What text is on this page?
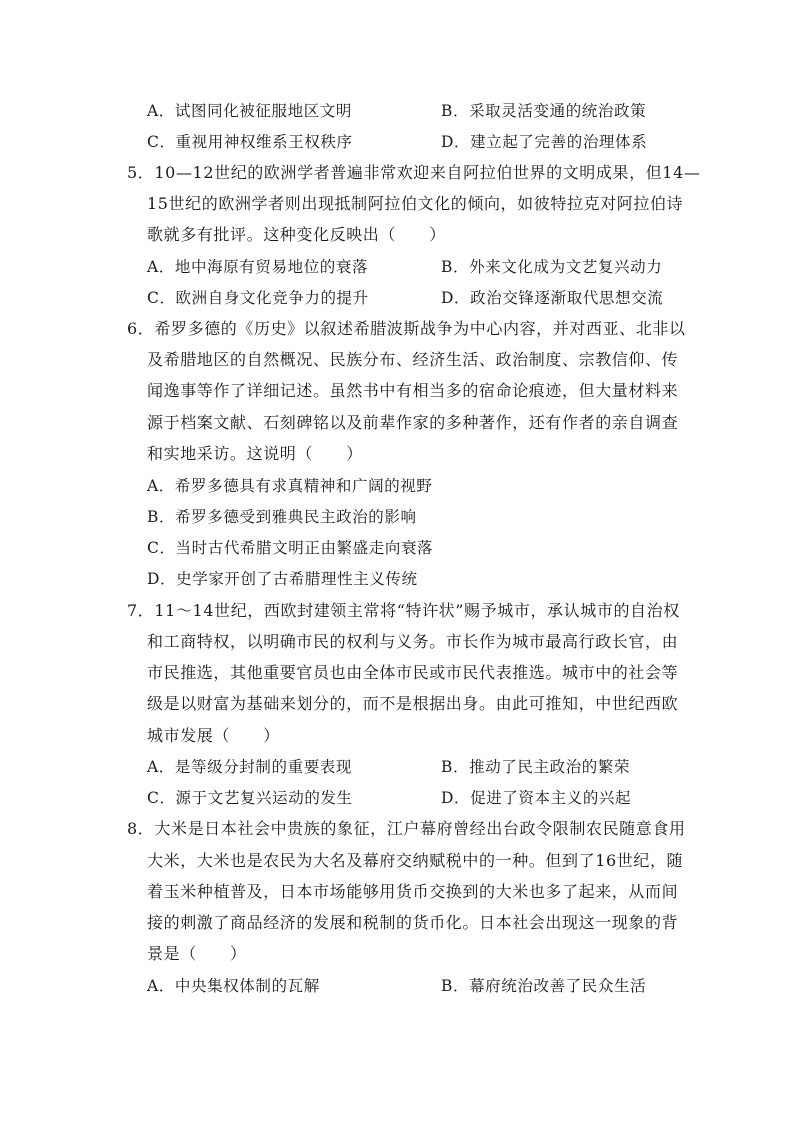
A．试图同化被征服地区文明	B．采取灵活变通的统治政策
C．重视用神权维系王权秩序	D．建立起了完善的治理体系
5．10—12世纪的欧洲学者普遍非常欢迎来自阿拉伯世界的文明成果，但14—
15世纪的欧洲学者则出现抵制阿拉伯文化的倾向，如彼特拉克对阿拉伯诗
歌就多有批评。这种变化反映出（　　）
A．地中海原有贸易地位的衰落	B．外来文化成为文艺复兴动力
C．欧洲自身文化竞争力的提升	D．政治交锋逐渐取代思想交流
6．希罗多德的《历史》以叙述希腊波斯战争为中心内容，并对西亚、北非以
及希腊地区的自然概况、民族分布、经济生活、政治制度、宗教信仰、传
闻逸事等作了详细记述。虽然书中有相当多的宿命论痕迹，但大量材料来
源于档案文献、石刻碑铭以及前辈作家的多种著作，还有作者的亲自调查
和实地采访。这说明（　　）
A．希罗多德具有求真精神和广阔的视野
B．希罗多德受到雅典民主政治的影响
C．当时古代希腊文明正由繁盛走向衰落
D．史学家开创了古希腊理性主义传统
7．11～14世纪，西欧封建领主常将“特许状”赐予城市，承认城市的自治权
和工商特权，以明确市民的权利与义务。市长作为城市最高行政长官，由
市民推选，其他重要官员也由全体市民或市民代表推选。城市中的社会等
级是以财富为基础来划分的，而不是根据出身。由此可推知，中世纪西欧
城市发展（　　）
A．是等级分封制的重要表现	B．推动了民主政治的繁荣
C．源于文艺复兴运动的发生	D．促进了资本主义的兴起
8．大米是日本社会中贵族的象征，江户幕府曾经出台政令限制农民随意食用
大米，大米也是农民为大名及幕府交纳赋税中的一种。但到了16世纪，随
着玉米种植普及，日本市场能够用货币交换到的大米也多了起来，从而间
接的刺激了商品经济的发展和税制的货币化。日本社会出现这一现象的背
景是（　　）
A．中央集权体制的瓦解	B．幕府统治改善了民众生活
